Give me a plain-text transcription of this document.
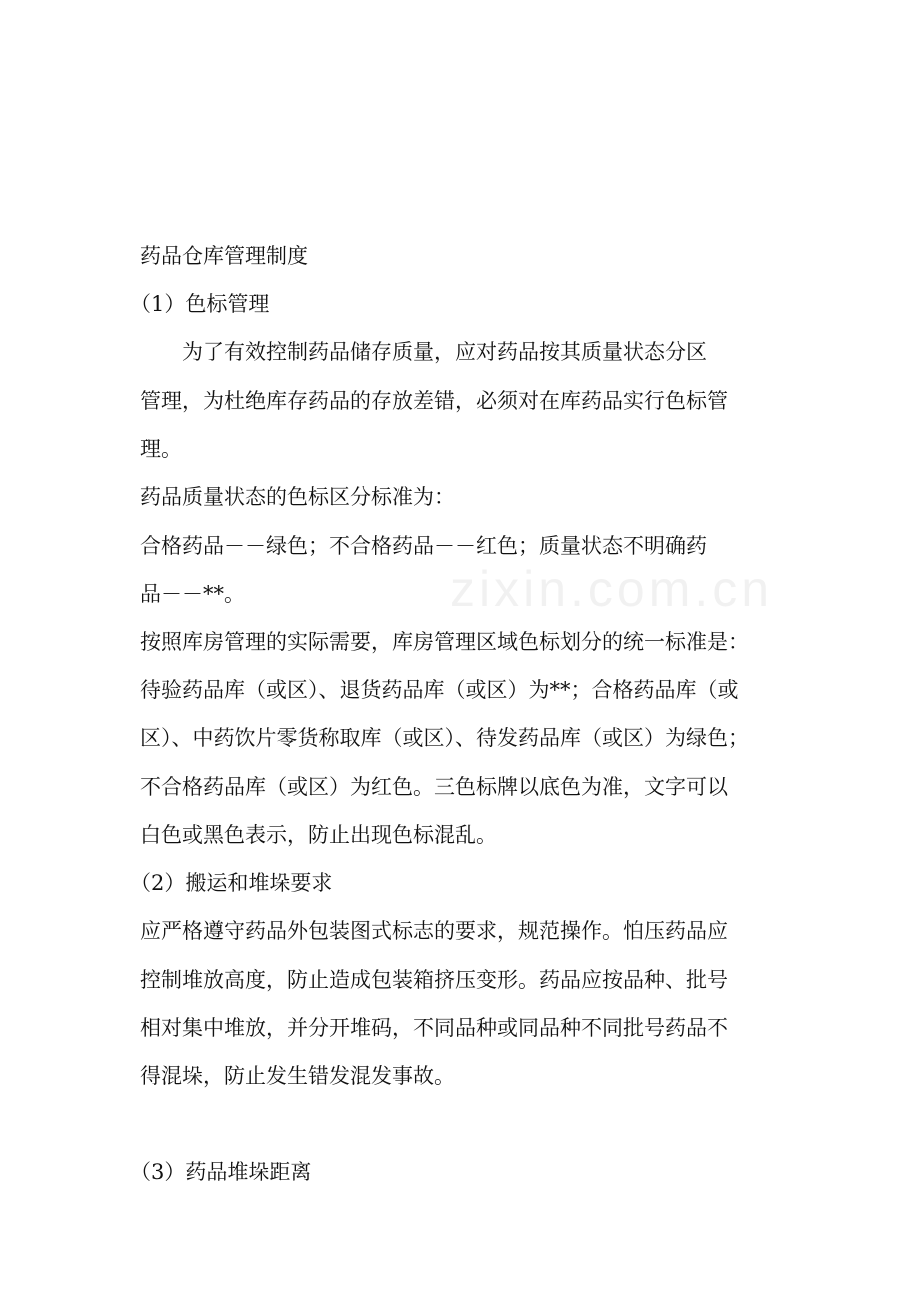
zixin.com.cn
药品仓库管理制度
（1）色标管理
　　为了有效控制药品储存质量，应对药品按其质量状态分区
管理，为杜绝库存药品的存放差错，必须对在库药品实行色标管
理。
药品质量状态的色标区分标准为：
合格药品－－绿色；不合格药品－－红色；质量状态不明确药
品－－**。
按照库房管理的实际需要，库房管理区域色标划分的统一标准是：
待验药品库（或区）、退货药品库（或区）为**；合格药品库（或
区）、中药饮片零货称取库（或区）、待发药品库（或区）为绿色；
不合格药品库（或区）为红色。三色标牌以底色为准，文字可以
白色或黑色表示，防止出现色标混乱。
（2）搬运和堆垛要求
应严格遵守药品外包装图式标志的要求，规范操作。怕压药品应
控制堆放高度，防止造成包装箱挤压变形。药品应按品种、批号
相对集中堆放，并分开堆码，不同品种或同品种不同批号药品不
得混垛，防止发生错发混发事故。
（3）药品堆垛距离
